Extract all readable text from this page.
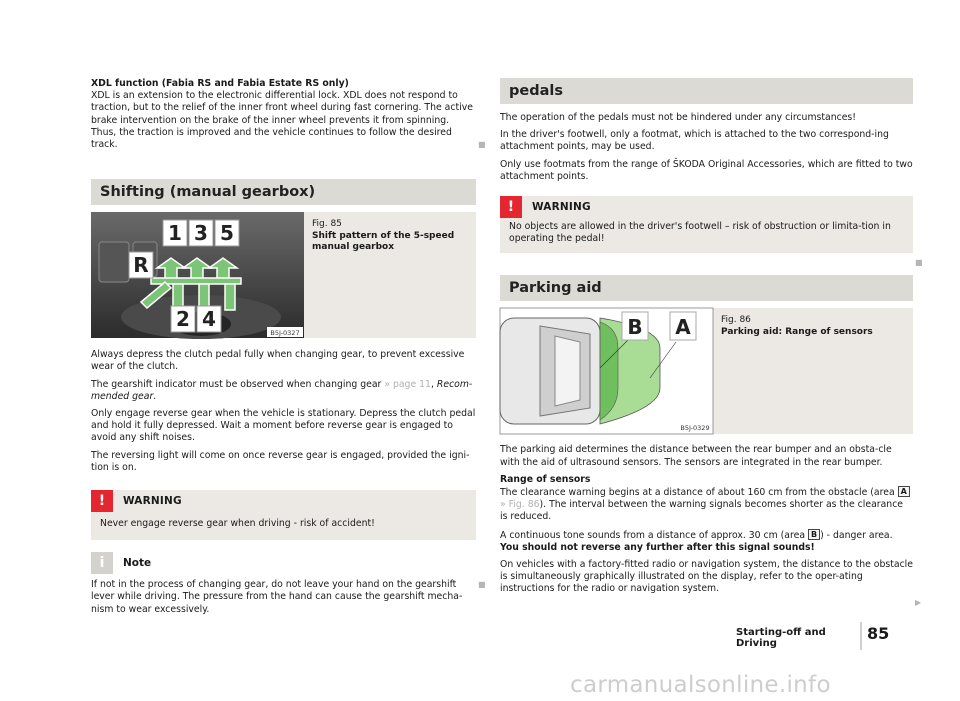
XDL function (Fabia RS and Fabia Estate RS only)

XDL is an extension to the electronic differential lock. XDL does not respond to traction, but to the relief of the inner front wheel during fast cornering. The active brake intervention on the brake of the inner wheel prevents it from spinning. Thus, the traction is improved and the vehicle continues to follow the desired track.

Shifting (manual gearbox)
1 3 5
R
2 4
B5J-0327
Fig. 85
Shift pattern of the 5-speed manual gearbox

Always depress the clutch pedal fully when changing gear, to prevent excessive wear of the clutch.

The gearshift indicator must be observed when changing gear » page 11, Recom-mended gear.

Only engage reverse gear when the vehicle is stationary. Depress the clutch pedal and hold it fully depressed. Wait a moment before reverse gear is engaged to avoid any shift noises.

The reversing light will come on once reverse gear is engaged, provided the igni-tion is on.

!	WARNING
Never engage reverse gear when driving - risk of accident!
i	Note

If not in the process of changing gear, do not leave your hand on the gearshift lever while driving. The pressure from the hand can cause the gearshift mecha-nism to wear excessively.

■
■
pedals

The operation of the pedals must not be hindered under any circumstances!

In the driver's footwell, only a footmat, which is attached to the two correspond-ing attachment points, may be used.

Only use footmats from the range of ŠKODA Original Accessories, which are fitted to two attachment points.

!	WARNING
No objects are allowed in the driver's footwell – risk of obstruction or limita-tion in operating the pedal!
Parking aid
B A
B5J-0329
Fig. 86
Parking aid: Range of sensors

The parking aid determines the distance between the rear bumper and an obsta-cle with the aid of ultrasound sensors. The sensors are integrated in the rear bumper.

Range of sensors

The clearance warning begins at a distance of about 160 cm from the obstacle (area A » Fig. 86). The interval between the warning signals becomes shorter as the clearance is reduced.

A continuous tone sounds from a distance of approx. 30 cm (area B ) - danger area. You should not reverse any further after this signal sounds!

On vehicles with a factory-fitted radio or navigation system, the distance to the obstacle is simultaneously graphically illustrated on the display, refer to the oper-ating instructions for the radio or navigation system.

■
▶
Starting-off and Driving
85
carmanualsonline.info
